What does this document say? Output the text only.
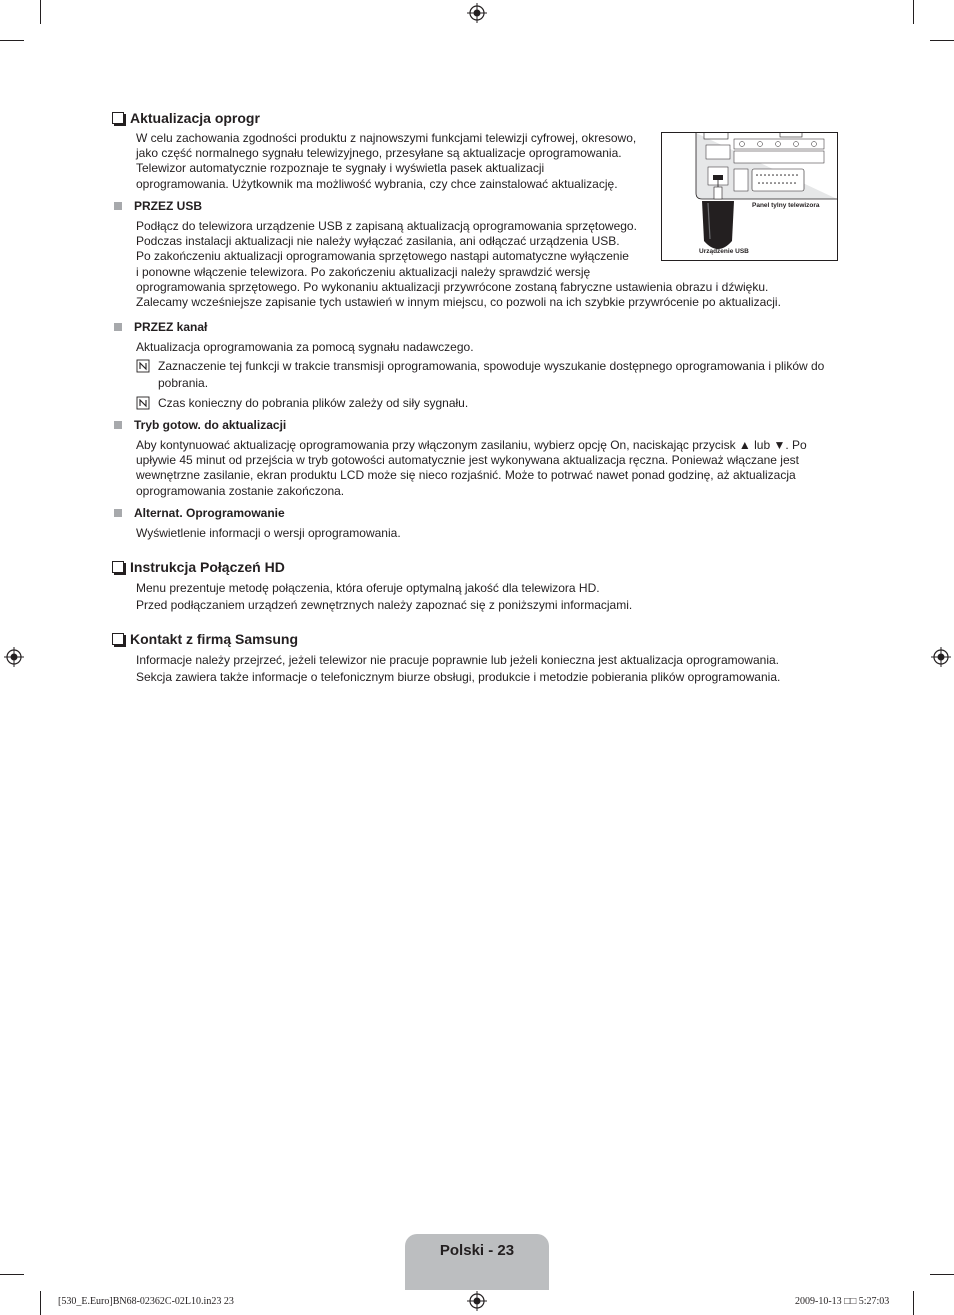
Aktualizacja oprogr
W celu zachowania zgodności produktu z najnowszymi funkcjami telewizji cyfrowej, okresowo,
jako część normalnego sygnału telewizyjnego, przesyłane są aktualizacje oprogramowania.
Telewizor automatycznie rozpoznaje te sygnały i wyświetla pasek aktualizacji
oprogramowania. Użytkownik ma możliwość wybrania, czy chce zainstalować aktualizację.
Panel tylny telewizora
Urządzenie USB
PRZEZ USB
Podłącz do telewizora urządzenie USB z zapisaną aktualizacją oprogramowania sprzętowego.
Podczas instalacji aktualizacji nie należy wyłączać zasilania, ani odłączać urządzenia USB.
Po zakończeniu aktualizacji oprogramowania sprzętowego nastąpi automatyczne wyłączenie
i ponowne włączenie telewizora. Po zakończeniu aktualizacji należy sprawdzić wersję
oprogramowania sprzętowego. Po wykonaniu aktualizacji przywrócone zostaną fabryczne ustawienia obrazu i dźwięku.
Zalecamy wcześniejsze zapisanie tych ustawień w innym miejscu, co pozwoli na ich szybkie przywrócenie po aktualizacji.
PRZEZ kanał
Aktualizacja oprogramowania za pomocą sygnału nadawczego.
Zaznaczenie tej funkcji w trakcie transmisji oprogramowania, spowoduje wyszukanie dostępnego oprogramowania i plików do pobrania.
Czas konieczny do pobrania plików zależy od siły sygnału.
Tryb gotow. do aktualizacji
Aby kontynuować aktualizację oprogramowania przy włączonym zasilaniu, wybierz opcję On, naciskając przycisk ▲ lub ▼. Po
upływie 45 minut od przejścia w tryb gotowości automatycznie jest wykonywana aktualizacja ręczna. Ponieważ włączane jest
wewnętrzne zasilanie, ekran produktu LCD może się nieco rozjaśnić. Może to potrwać nawet ponad godzinę, aż aktualizacja
oprogramowania zostanie zakończona.
Alternat. Oprogramowanie
Wyświetlenie informacji o wersji oprogramowania.
Instrukcja Połączeń HD
Menu prezentuje metodę połączenia, która oferuje optymalną jakość dla telewizora HD.
Przed podłączaniem urządzeń zewnętrznych należy zapoznać się z poniższymi informacjami.
Kontakt z firmą Samsung
Informacje należy przejrzeć, jeżeli telewizor nie pracuje poprawnie lub jeżeli konieczna jest aktualizacja oprogramowania.
Sekcja zawiera także informacje o telefonicznym biurze obsługi, produkcie i metodzie pobierania plików oprogramowania.
Polski - 23
[530_E.Euro]BN68-02362C-02L10.in23 23	2009-10-13 □□ 5:27:03
